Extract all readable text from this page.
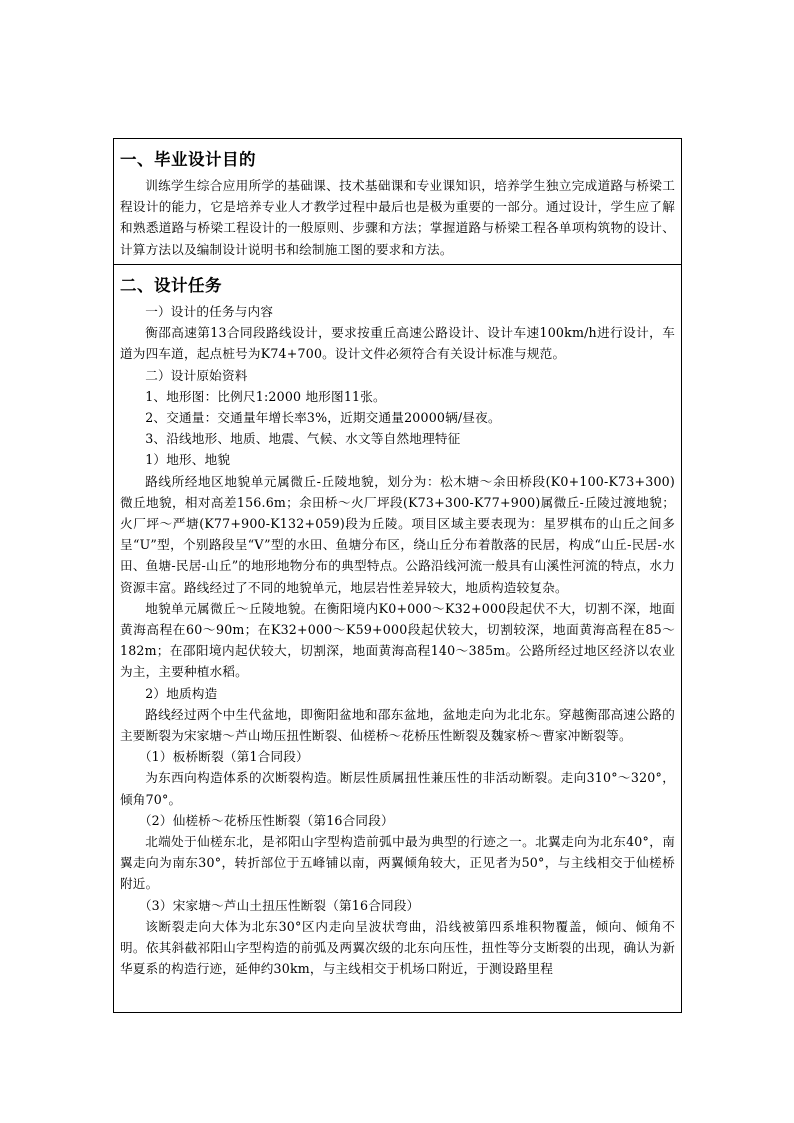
一、毕业设计目的

训练学生综合应用所学的基础课、技术基础课和专业课知识，培养学生独立完成道路与桥梁工程设计的能力，它是培养专业人才教学过程中最后也是极为重要的一部分。通过设计，学生应了解和熟悉道路与桥梁工程设计的一般原则、步骤和方法；掌握道路与桥梁工程各单项构筑物的设计、计算方法以及编制设计说明书和绘制施工图的要求和方法。

二、设计任务

一）设计的任务与内容

衡邵高速第13合同段路线设计，要求按重丘高速公路设计、设计车速100km/h进行设计，车道为四车道，起点桩号为K74+700。设计文件必须符合有关设计标准与规范。

二）设计原始资料

1、地形图：比例尺1:2000 地形图11张。

2、交通量：交通量年增长率3%，近期交通量20000辆/昼夜。

3、沿线地形、地质、地震、气候、水文等自然地理特征

1）地形、地貌

路线所经地区地貌单元属微丘-丘陵地貌，划分为：松木塘～余田桥段(K0+100-K73+300)微丘地貌，相对高差156.6m；余田桥～火厂坪段(K73+300-K77+900)属微丘-丘陵过渡地貌；火厂坪～严塘(K77+900-K132+059)段为丘陵。项目区域主要表现为：星罗棋布的山丘之间多呈“U”型，个别路段呈“V”型的水田、鱼塘分布区，绕山丘分布着散落的民居，构成“山丘-民居-水田、鱼塘-民居-山丘”的地形地物分布的典型特点。公路沿线河流一般具有山溪性河流的特点，水力资源丰富。路线经过了不同的地貌单元，地层岩性差异较大，地质构造较复杂。

地貌单元属微丘～丘陵地貌。在衡阳境内K0+000～K32+000段起伏不大，切割不深，地面黄海高程在60～90m；在K32+000～K59+000段起伏较大，切割较深，地面黄海高程在85～182m；在邵阳境内起伏较大，切割深，地面黄海高程140～385m。公路所经过地区经济以农业为主，主要种植水稻。

2）地质构造

路线经过两个中生代盆地，即衡阳盆地和邵东盆地，盆地走向为北北东。穿越衡邵高速公路的主要断裂为宋家塘～芦山坳压扭性断裂、仙槎桥～花桥压性断裂及魏家桥～曹家冲断裂等。

（1）板桥断裂（第1合同段）

为东西向构造体系的次断裂构造。断层性质属扭性兼压性的非活动断裂。走向310°～320°，倾角70°。

（2）仙槎桥～花桥压性断裂（第16合同段）

北端处于仙槎东北，是祁阳山字型构造前弧中最为典型的行迹之一。北翼走向为北东40°，南翼走向为南东30°，转折部位于五峰铺以南，两翼倾角较大，正见者为50°，与主线相交于仙槎桥附近。

（3）宋家塘～芦山土扭压性断裂（第16合同段）

该断裂走向大体为北东30°区内走向呈波状弯曲，沿线被第四系堆积物覆盖，倾向、倾角不明。依其斜截祁阳山字型构造的前弧及两翼次级的北东向压性，扭性等分支断裂的出现，确认为新华夏系的构造行迹，延伸约30km，与主线相交于机场口附近，于测设路里程
